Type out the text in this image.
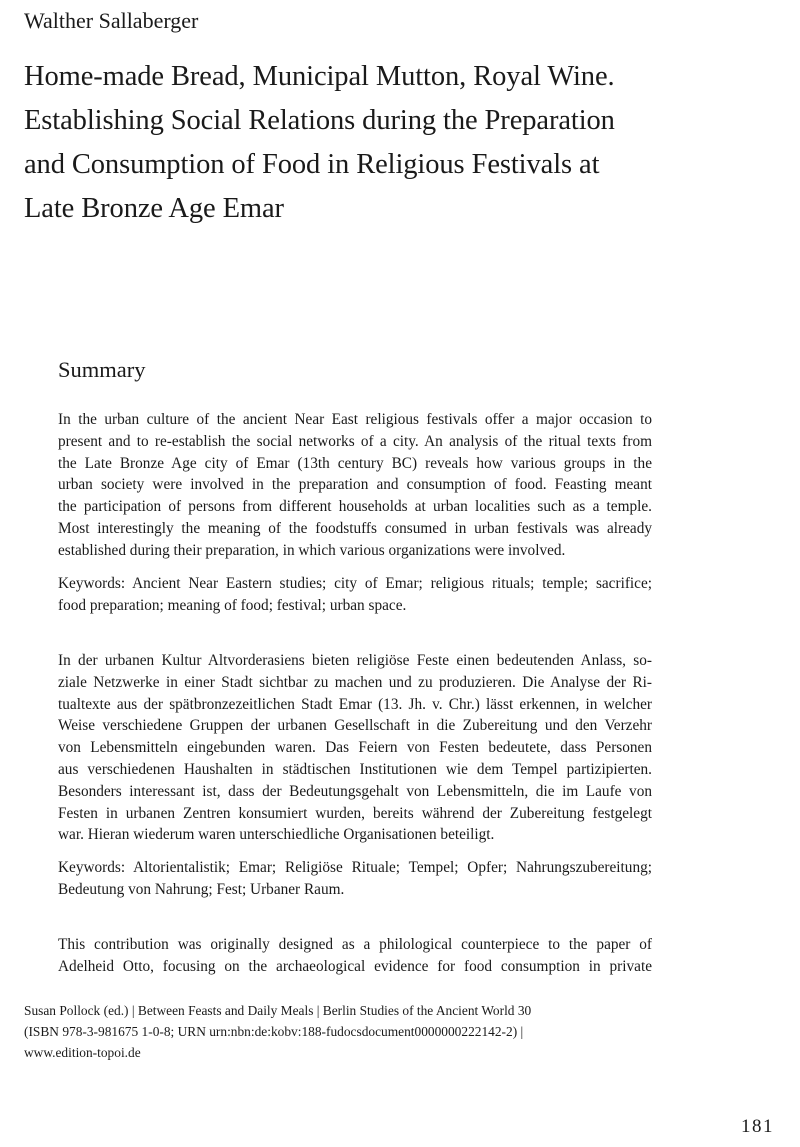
Walther Sallaberger
Home-made Bread, Municipal Mutton, Royal Wine.
Establishing Social Relations during the Preparation
and Consumption of Food in Religious Festivals at
Late Bronze Age Emar
Summary
In the urban culture of the ancient Near East religious festivals offer a major occasion to
present and to re-establish the social networks of a city. An analysis of the ritual texts from
the Late Bronze Age city of Emar (13th century BC) reveals how various groups in the
urban society were involved in the preparation and consumption of food. Feasting meant
the participation of persons from different households at urban localities such as a temple.
Most interestingly the meaning of the foodstuffs consumed in urban festivals was already
established during their preparation, in which various organizations were involved.
Keywords: Ancient Near Eastern studies; city of Emar; religious rituals; temple; sacrifice;
food preparation; meaning of food; festival; urban space.
In der urbanen Kultur Altvorderasiens bieten religiöse Feste einen bedeutenden Anlass, so-
ziale Netzwerke in einer Stadt sichtbar zu machen und zu produzieren. Die Analyse der Ri-
tualtexte aus der spätbronzezeitlichen Stadt Emar (13. Jh. v. Chr.) lässt erkennen, in welcher
Weise verschiedene Gruppen der urbanen Gesellschaft in die Zubereitung und den Verzehr
von Lebensmitteln eingebunden waren. Das Feiern von Festen bedeutete, dass Personen
aus verschiedenen Haushalten in städtischen Institutionen wie dem Tempel partizipierten.
Besonders interessant ist, dass der Bedeutungsgehalt von Lebensmitteln, die im Laufe von
Festen in urbanen Zentren konsumiert wurden, bereits während der Zubereitung festgelegt
war. Hieran wiederum waren unterschiedliche Organisationen beteiligt.
Keywords: Altorientalistik; Emar; Religiöse Rituale; Tempel; Opfer; Nahrungszubereitung;
Bedeutung von Nahrung; Fest; Urbaner Raum.
This contribution was originally designed as a philological counterpiece to the paper of
Adelheid Otto, focusing on the archaeological evidence for food consumption in private
Susan Pollock (ed.) | Between Feasts and Daily Meals | Berlin Studies of the Ancient World 30
(ISBN 978-3-981675 1-0-8; URN urn:nbn:de:kobv:188-fudocsdocument0000000222142-2) |
www.edition-topoi.de
181
